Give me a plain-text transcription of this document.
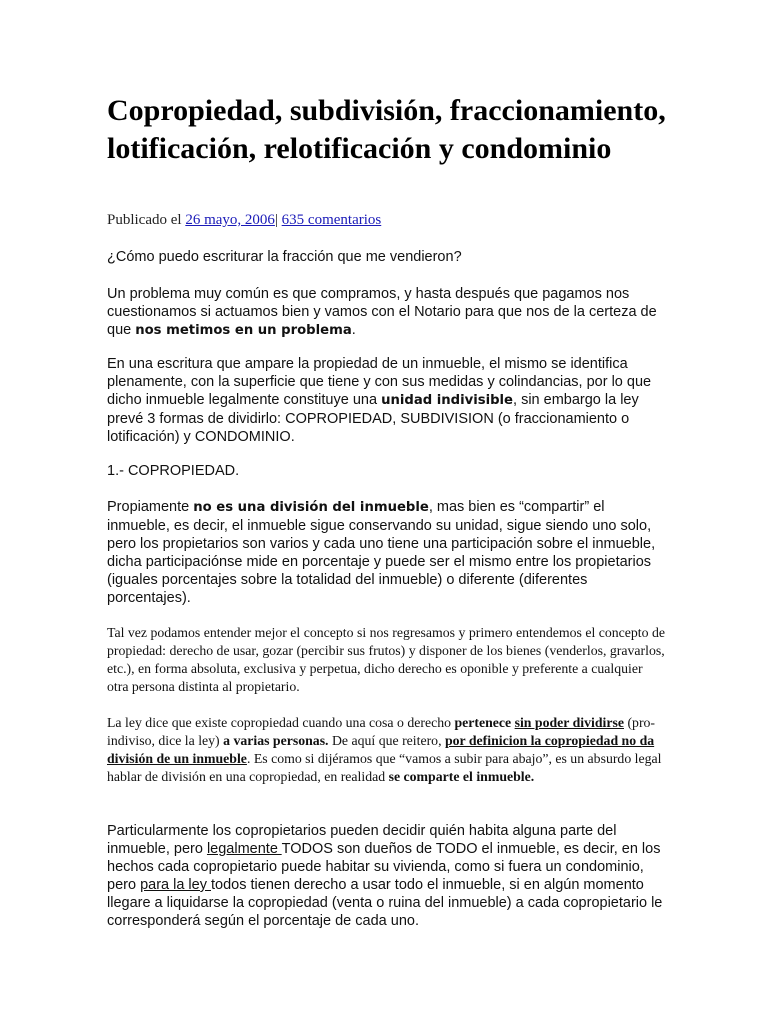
Copropiedad, subdivisión, fraccionamiento, lotificación, relotificación y condominio
Publicado el 26 mayo, 2006| 635 comentarios

¿Cómo puedo escriturar la fracción que me vendieron?

Un problema muy común es que compramos, y hasta después que pagamos nos cuestionamos si actuamos bien y vamos con el Notario para que nos de la certeza de que nos metimos en un problema.

En una escritura que ampare la propiedad de un inmueble, el mismo se identifica plenamente, con la superficie que tiene y con sus medidas y colindancias, por lo que dicho inmueble legalmente constituye una unidad indivisible, sin embargo la ley prevé 3 formas de dividirlo: COPROPIEDAD, SUBDIVISION (o fraccionamiento o lotificación) y CONDOMINIO.

1.- COPROPIEDAD.

Propiamente no es una división del inmueble, mas bien es “compartir” el inmueble, es decir, el inmueble sigue conservando su unidad, sigue siendo uno solo, pero los propietarios son varios y cada uno tiene una participación sobre el inmueble, dicha participaciónse mide en porcentaje y puede ser el mismo entre los propietarios (iguales porcentajes sobre la totalidad del inmueble) o diferente (diferentes porcentajes).

Tal vez podamos entender mejor el concepto si nos regresamos y primero entendemos el concepto de propiedad: derecho de usar, gozar (percibir sus frutos) y disponer de los bienes (venderlos, gravarlos, etc.), en forma absoluta, exclusiva y perpetua, dicho derecho es oponible y preferente a cualquier otra persona distinta al propietario.

La ley dice que existe copropiedad cuando una cosa o derecho pertenece sin poder dividirse (pro-indiviso, dice la ley) a varias personas. De aquí que reitero, por definicion la copropiedad no da división de un inmueble. Es como si dijéramos que “vamos a subir para abajo”, es un absurdo legal hablar de división en una copropiedad, en realidad se comparte el inmueble.

Particularmente los copropietarios pueden decidir quién habita alguna parte del inmueble, pero legalmente TODOS son dueños de TODO el inmueble, es decir, en los hechos cada copropietario puede habitar su vivienda, como si fuera un condominio, pero para la ley todos tienen derecho a usar todo el inmueble, si en algún momento llegare a liquidarse la copropiedad (venta o ruina del inmueble) a cada copropietario le corresponderá según el porcentaje de cada uno.
